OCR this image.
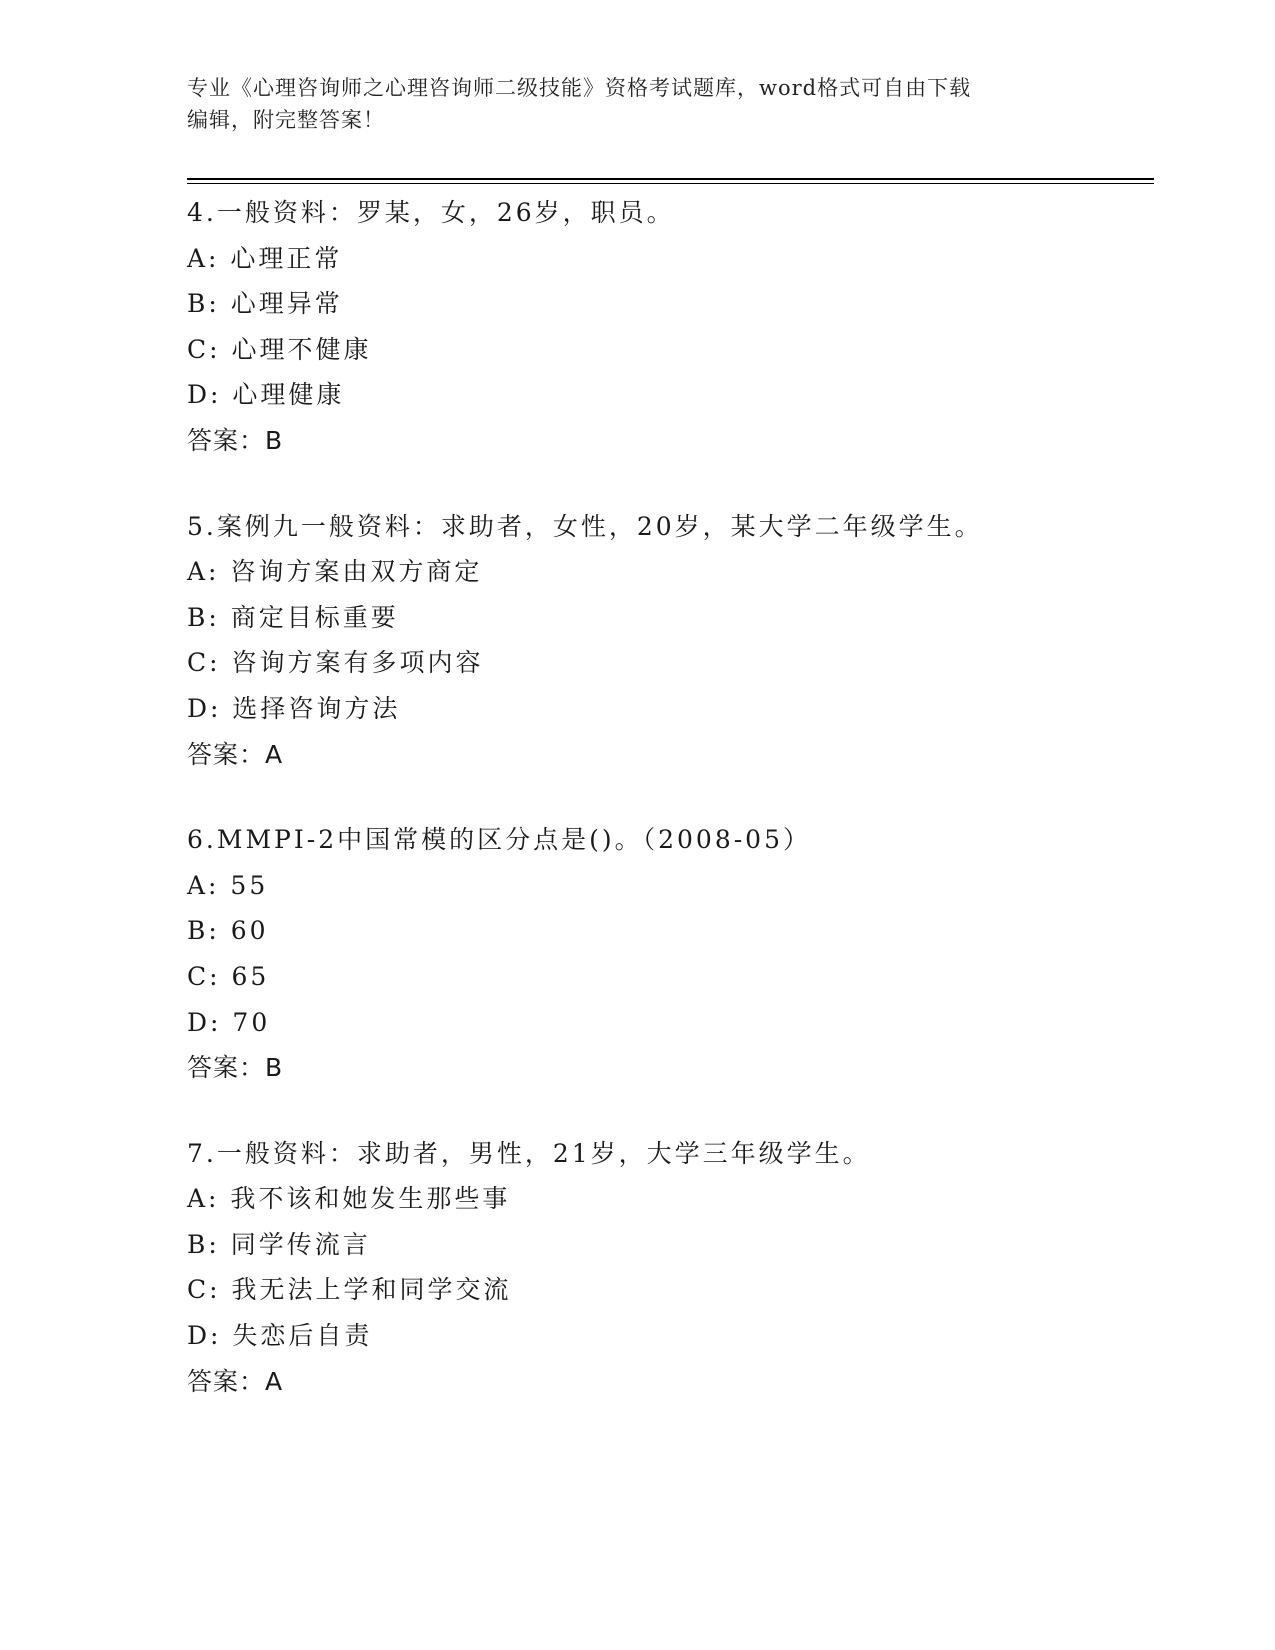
专业《心理咨询师之心理咨询师二级技能》资格考试题库，word格式可自由下载
编辑，附完整答案！
4.一般资料：罗某，女，26岁，职员。
A: 心理正常
B: 心理异常
C: 心理不健康
D: 心理健康
答案：B
5.案例九一般资料：求助者，女性，20岁，某大学二年级学生。
A: 咨询方案由双方商定
B: 商定目标重要
C: 咨询方案有多项内容
D: 选择咨询方法
答案：A
6.MMPI-2中国常模的区分点是()。（2008-05）
A: 55
B: 60
C: 65
D: 70
答案：B
7.一般资料：求助者，男性，21岁，大学三年级学生。
A: 我不该和她发生那些事
B: 同学传流言
C: 我无法上学和同学交流
D: 失恋后自责
答案：A
